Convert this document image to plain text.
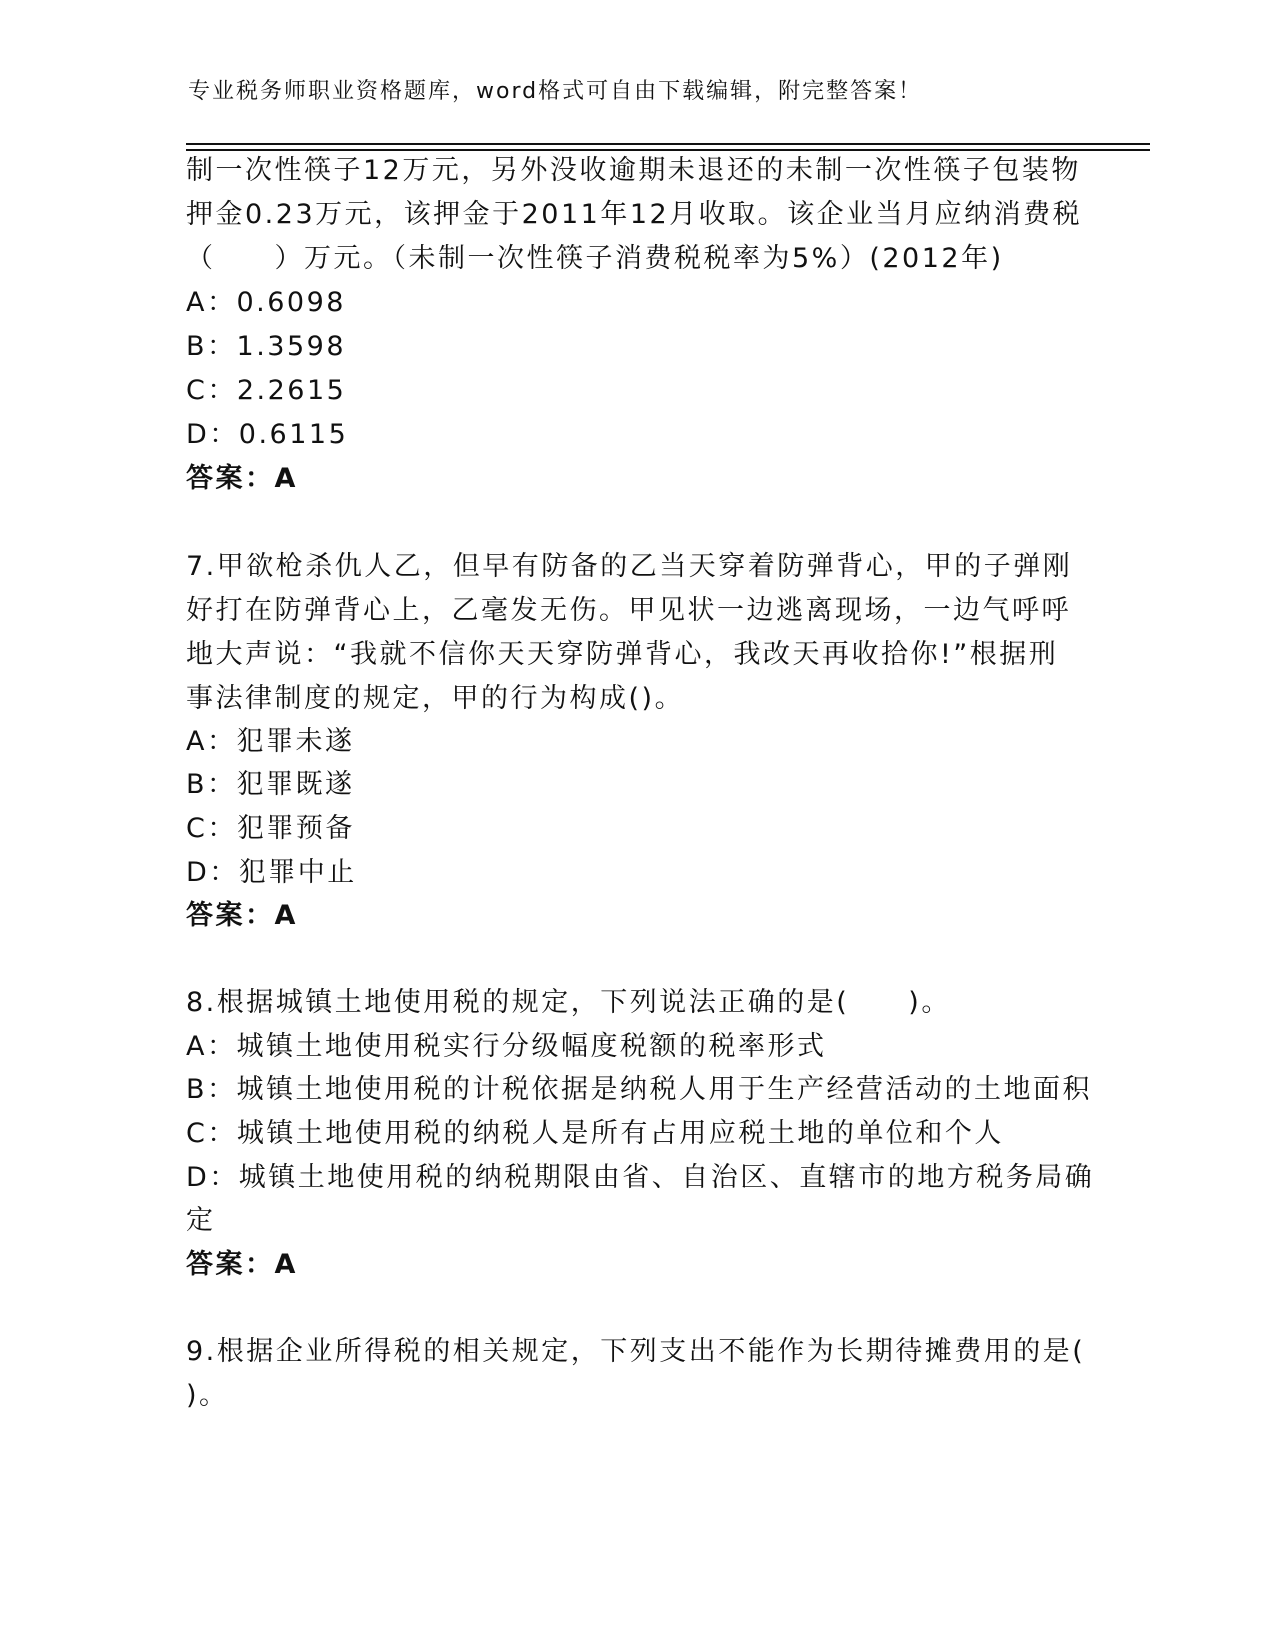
专业税务师职业资格题库，word格式可自由下载编辑，附完整答案！
制一次性筷子12万元，另外没收逾期未退还的未制一次性筷子包装物
押金0.23万元，该押金于2011年12月收取。该企业当月应纳消费税
（　　）万元。（未制一次性筷子消费税税率为5%）(2012年)
A：0.6098
B：1.3598
C：2.2615
D：0.6115
答案：A
7.甲欲枪杀仇人乙，但早有防备的乙当天穿着防弹背心，甲的子弹刚
好打在防弹背心上，乙毫发无伤。甲见状一边逃离现场，一边气呼呼
地大声说：“我就不信你天天穿防弹背心，我改天再收拾你!”根据刑
事法律制度的规定，甲的行为构成()。
A：犯罪未遂
B：犯罪既遂
C：犯罪预备
D：犯罪中止
答案：A
8.根据城镇土地使用税的规定，下列说法正确的是(　　)。
A：城镇土地使用税实行分级幅度税额的税率形式
B：城镇土地使用税的计税依据是纳税人用于生产经营活动的土地面积
C：城镇土地使用税的纳税人是所有占用应税土地的单位和个人
D：城镇土地使用税的纳税期限由省、自治区、直辖市的地方税务局确
定
答案：A
9.根据企业所得税的相关规定，下列支出不能作为长期待摊费用的是(
)。
